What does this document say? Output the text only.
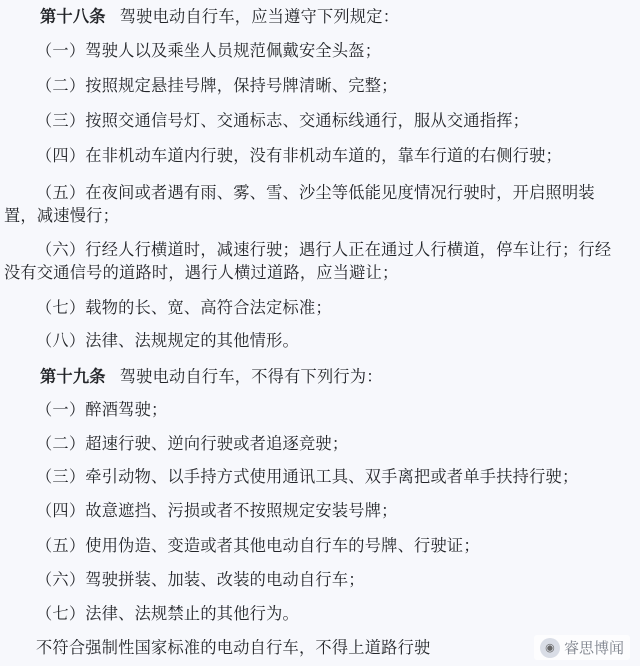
第十八条 驾驶电动自行车，应当遵守下列规定：
（一）驾驶人以及乘坐人员规范佩戴安全头盔；
（二）按照规定悬挂号牌，保持号牌清晰、完整；
（三）按照交通信号灯、交通标志、交通标线通行，服从交通指挥；
（四）在非机动车道内行驶，没有非机动车道的，靠车行道的右侧行驶；
（五）在夜间或者遇有雨、雾、雪、沙尘等低能见度情况行驶时，开启照明装
置，减速慢行；
（六）行经人行横道时，减速行驶；遇行人正在通过人行横道，停车让行；行经
没有交通信号的道路时，遇行人横过道路，应当避让；
（七）载物的长、宽、高符合法定标准；
（八）法律、法规规定的其他情形。
第十九条 驾驶电动自行车，不得有下列行为：
（一）醉酒驾驶；
（二）超速行驶、逆向行驶或者追逐竞驶；
（三）牵引动物、以手持方式使用通讯工具、双手离把或者单手扶持行驶；
（四）故意遮挡、污损或者不按照规定安装号牌；
（五）使用伪造、变造或者其他电动自行车的号牌、行驶证；
（六）驾驶拼装、加装、改装的电动自行车；
（七）法律、法规禁止的其他行为。
不符合强制性国家标准的电动自行车，不得上道路行驶	◉ 睿思博闻
